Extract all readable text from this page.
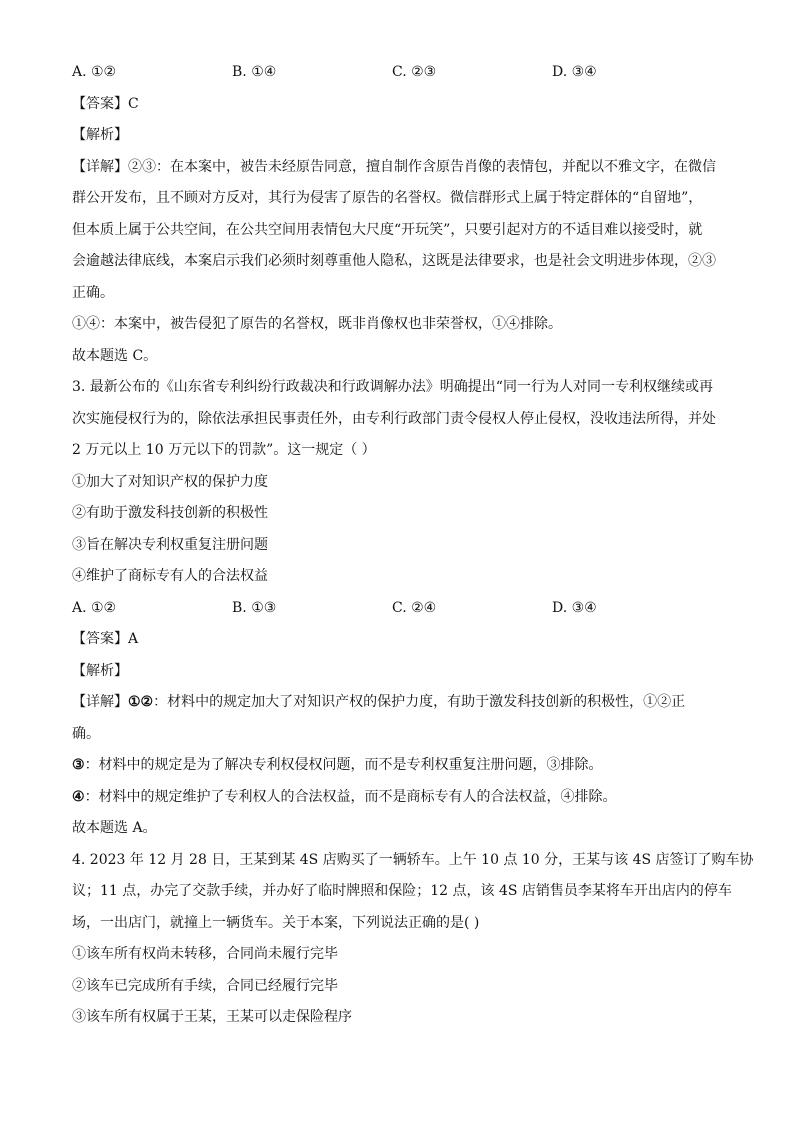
A. ①②	B. ①④	C. ②③	D. ③④
【答案】C
【解析】
【详解】②③：在本案中，被告未经原告同意，擅自制作含原告肖像的表情包，并配以不雅文字，在微信
群公开发布，且不顾对方反对，其行为侵害了原告的名誉权。微信群形式上属于特定群体的“自留地”，
但本质上属于公共空间，在公共空间用表情包大尺度“开玩笑”，只要引起对方的不适目难以接受时，就
会逾越法律底线，本案启示我们必须时刻尊重他人隐私，这既是法律要求，也是社会文明进步体现，②③
正确。
①④：本案中，被告侵犯了原告的名誉权，既非肖像权也非荣誉权，①④排除。
故本题选 C。
3. 最新公布的《山东省专利纠纷行政裁决和行政调解办法》明确提出“同一行为人对同一专利权继续或再
次实施侵权行为的，除依法承担民事责任外，由专利行政部门责令侵权人停止侵权，没收违法所得，并处
2 万元以上 10 万元以下的罚款”。这一规定（ ）
①加大了对知识产权的保护力度
②有助于激发科技创新的积极性
③旨在解决专利权重复注册问题
④维护了商标专有人的合法权益
A. ①②	B. ①③	C. ②④	D. ③④
【答案】A
【解析】
【详解】①②：材料中的规定加大了对知识产权的保护力度，有助于激发科技创新的积极性，①②正
确。
③：材料中的规定是为了解决专利权侵权问题，而不是专利权重复注册问题，③排除。
④：材料中的规定维护了专利权人的合法权益，而不是商标专有人的合法权益，④排除。
故本题选 A。
4. 2023 年 12 月 28 日，王某到某 4S 店购买了一辆轿车。上午 10 点 10 分，王某与该 4S 店签订了购车协
议；11 点，办完了交款手续，并办好了临时牌照和保险；12 点，该 4S 店销售员李某将车开出店内的停车
场，一出店门，就撞上一辆货车。关于本案，下列说法正确的是( )
①该车所有权尚未转移，合同尚未履行完毕
②该车已完成所有手续，合同已经履行完毕
③该车所有权属于王某，王某可以走保险程序
